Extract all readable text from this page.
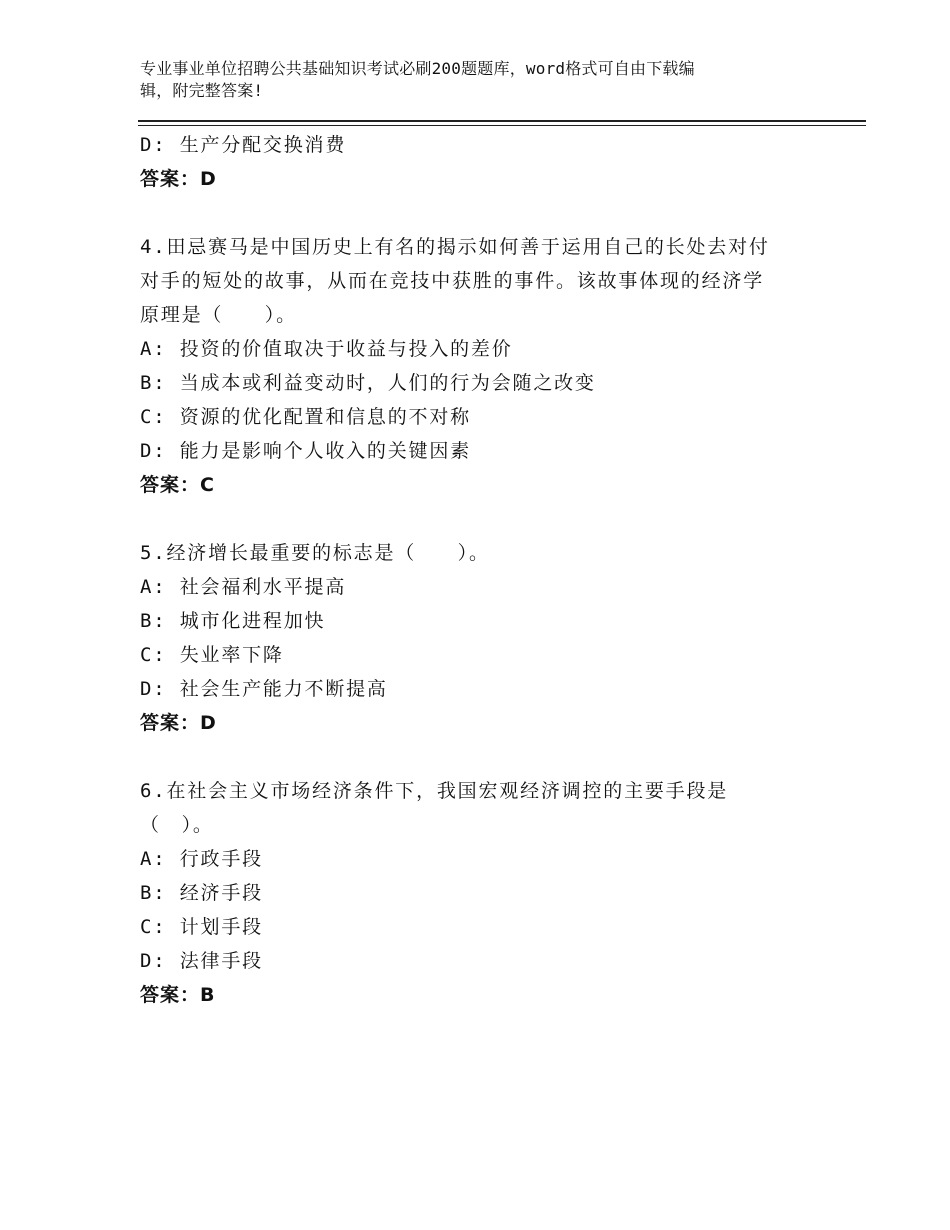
专业事业单位招聘公共基础知识考试必刷200题题库，word格式可自由下载编
辑，附完整答案!
D: 生产分配交换消费
答案：D
4.田忌赛马是中国历史上有名的揭示如何善于运用自己的长处去对付
对手的短处的故事，从而在竞技中获胜的事件。该故事体现的经济学
原理是（　　）。
A: 投资的价值取决于收益与投入的差价
B: 当成本或利益变动时，人们的行为会随之改变
C: 资源的优化配置和信息的不对称
D: 能力是影响个人收入的关键因素
答案：C
5.经济增长最重要的标志是（　　）。
A: 社会福利水平提高
B: 城市化进程加快
C: 失业率下降
D: 社会生产能力不断提高
答案：D
6.在社会主义市场经济条件下，我国宏观经济调控的主要手段是
（　）。
A: 行政手段
B: 经济手段
C: 计划手段
D: 法律手段
答案：B
